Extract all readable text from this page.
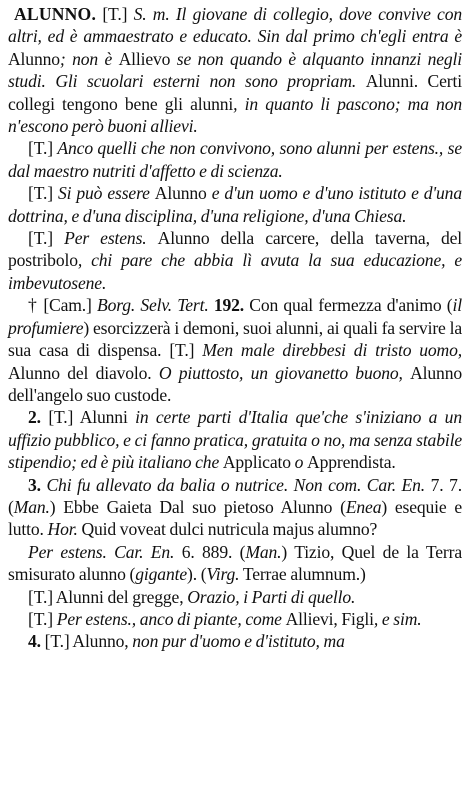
ALUNNO. [T.] S. m. Il giovane di collegio, dove convive con altri, ed è ammaestrato e educato. Sin dal primo ch'egli entra è Alunno; non è Allievo se non quando è alquanto innanzi negli studi. Gli scuolari esterni non sono propriam. Alunni. Certi collegi tengono bene gli alunni, in quanto li pascono; ma non n'escono però buoni allievi.

[T.] Anco quelli che non convivono, sono alunni per estens., se dal maestro nutriti d'affetto e di scienza.

[T.] Si può essere Alunno e d'un uomo e d'uno istituto e d'una dottrina, e d'una disciplina, d'una religione, d'una Chiesa.

[T.] Per estens. Alunno della carcere, della taverna, del postribolo, chi pare che abbia lì avuta la sua educazione, e imbevutosene.

† [Cam.] Borg. Selv. Tert. 192. Con qual fermezza d'animo (il profumiere) esorcizzerà i demoni, suoi alunni, ai quali fa servire la sua casa di dispensa. [T.] Men male direbbesi di tristo uomo, Alunno del diavolo. O piuttosto, un giovanetto buono, Alunno dell'angelo suo custode.

2. [T.] Alunni in certe parti d'Italia que'che s'iniziano a un uffizio pubblico, e ci fanno pratica, gratuita o no, ma senza stabile stipendio; ed è più italiano che Applicato o Apprendista.

3. Chi fu allevato da balia o nutrice. Non com. Car. En. 7. 7. (Man.) Ebbe Gaieta Dal suo pietoso Alunno (Enea) esequie e lutto. Hor. Quid voveat dulci nutricula majus alumno?

Per estens. Car. En. 6. 889. (Man.) Tizio, Quel de la Terra smisurato alunno (gigante). (Virg. Terrae alumnum.)

[T.] Alunni del gregge, Orazio, i Parti di quello.

[T.] Per estens., anco di piante, come Allievi, Figli, e sim.

4. [T.] Alunno, non pur d'uomo e d'istituto, ma
